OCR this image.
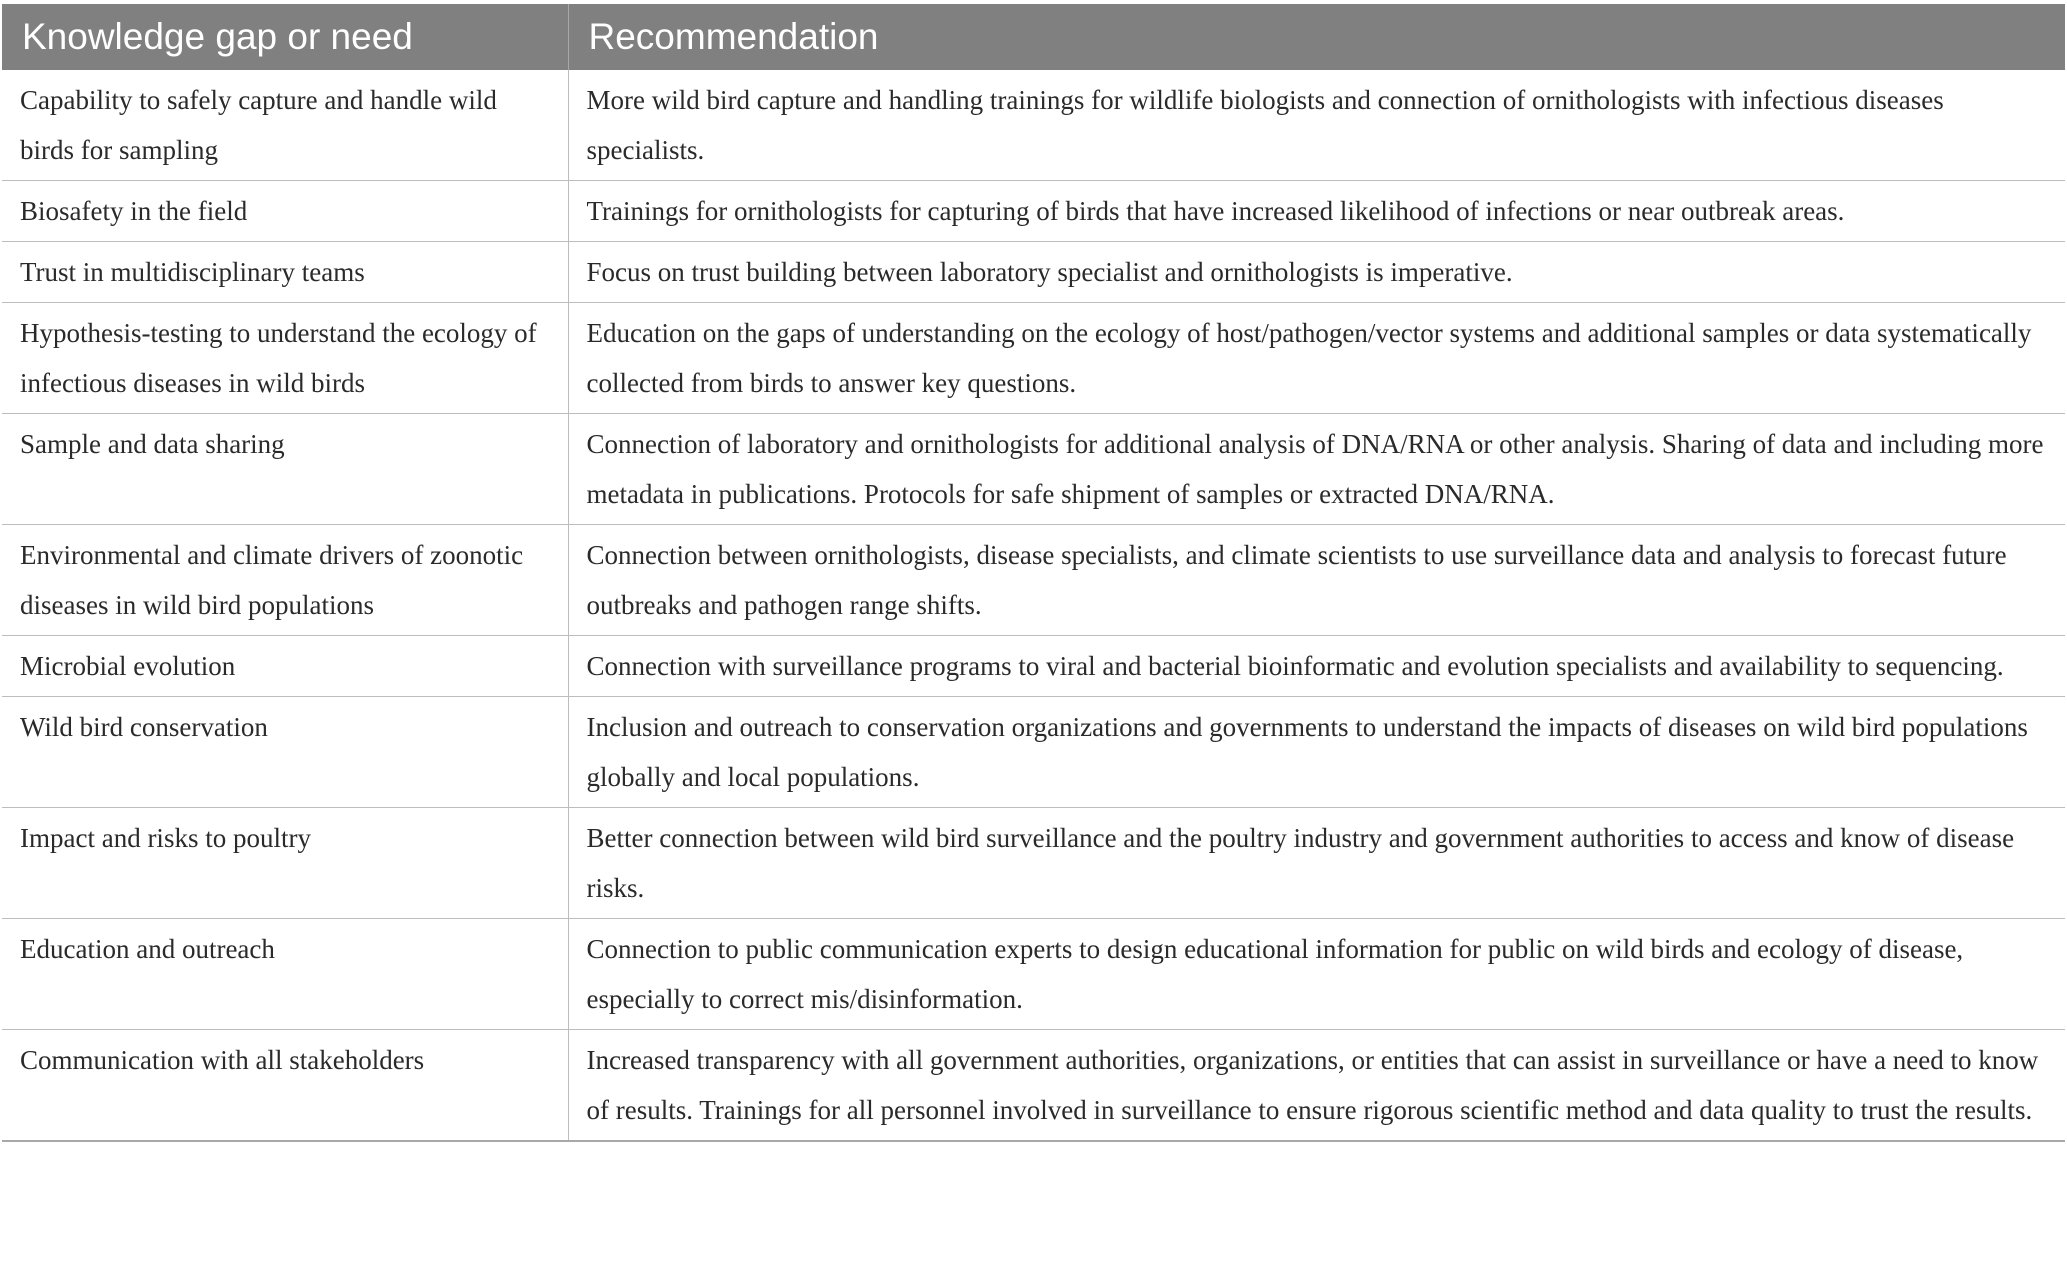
Knowledge gap or need	Recommendation
Capability to safely capture and handle wild birds for sampling	More wild bird capture and handling trainings for wildlife biologists and connection of ornithologists with infectious diseases specialists.
Biosafety in the field	Trainings for ornithologists for capturing of birds that have increased likelihood of infections or near outbreak areas.
Trust in multidisciplinary teams	Focus on trust building between laboratory specialist and ornithologists is imperative.
Hypothesis-testing to understand the ecology of infectious diseases in wild birds	Education on the gaps of understanding on the ecology of host/pathogen/vector systems and additional samples or data systematically collected from birds to answer key questions.
Sample and data sharing	Connection of laboratory and ornithologists for additional analysis of DNA/RNA or other analysis. Sharing of data and including more metadata in publications. Protocols for safe shipment of samples or extracted DNA/RNA.
Environmental and climate drivers of zoonotic diseases in wild bird populations	Connection between ornithologists, disease specialists, and climate scientists to use surveillance data and analysis to forecast future outbreaks and pathogen range shifts.
Microbial evolution	Connection with surveillance programs to viral and bacterial bioinformatic and evolution specialists and availability to sequencing.
Wild bird conservation	Inclusion and outreach to conservation organizations and governments to understand the impacts of diseases on wild bird populations globally and local populations.
Impact and risks to poultry	Better connection between wild bird surveillance and the poultry industry and government authorities to access and know of disease risks.
Education and outreach	Connection to public communication experts to design educational information for public on wild birds and ecology of disease, especially to correct mis/disinformation.
Communication with all stakeholders	Increased transparency with all government authorities, organizations, or entities that can assist in surveillance or have a need to know of results. Trainings for all personnel involved in surveillance to ensure rigorous scientific method and data quality to trust the results.
